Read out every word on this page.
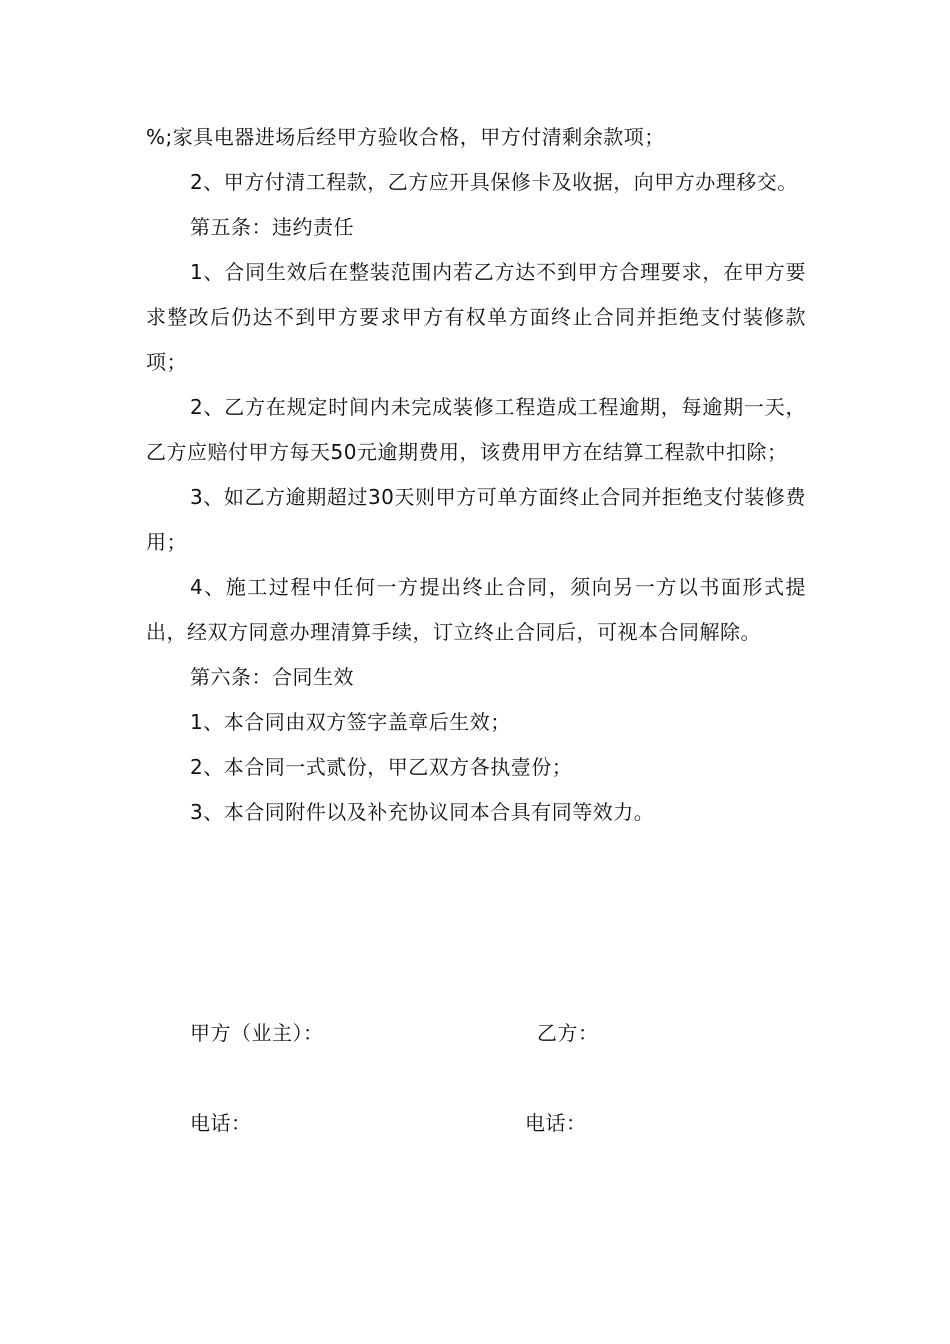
%;家具电器进场后经甲方验收合格，甲方付清剩余款项；

2、甲方付清工程款，乙方应开具保修卡及收据，向甲方办理移交。

第五条：违约责任

1、合同生效后在整装范围内若乙方达不到甲方合理要求，在甲方要求整改后仍达不到甲方要求甲方有权单方面终止合同并拒绝支付装修款项；

2、乙方在规定时间内未完成装修工程造成工程逾期，每逾期一天，乙方应赔付甲方每天50元逾期费用，该费用甲方在结算工程款中扣除；

3、如乙方逾期超过30天则甲方可单方面终止合同并拒绝支付装修费用；

4、施工过程中任何一方提出终止合同，须向另一方以书面形式提出，经双方同意办理清算手续，订立终止合同后，可视本合同解除。

第六条：合同生效

1、本合同由双方签字盖章后生效；

2、本合同一式贰份，甲乙双方各执壹份；

3、本合同附件以及补充协议同本合具有同等效力。

甲方（业主）：	乙方：
电话：	电话：
